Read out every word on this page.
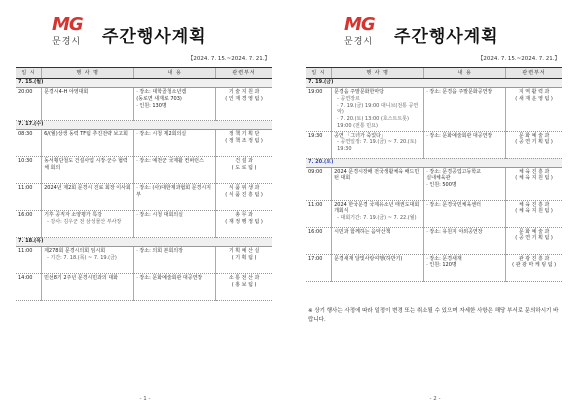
MG
문경시 주간행사계획
【2024. 7. 15.~2024. 7. 21.】
일 시	행 사 명	내 용	관련부서
7. 15.(월)			
20:00	문경시4-H 야영대회	· 장소: 대학골청소년캠
(동로면 새재로 703)
· 인원: 130명	기 술 지 원 과
( 인 재 경 영 팀 )

7. 17.(수)			
08:30	6/(월)상생 동력 TF팀 추진전략 보고회	· 장소: 시청 제2회의실	정 책 기 획 단
( 정 책 조 정 팀 )

10:30	동서횡단철도 건설사업 시장·군수 협력체 회의	· 장소: 예천군 국제활 컨퍼런스	건 설 과
( 도 로 팀 )

11:00	2024년 제2회 문경시 진료 회장 이사회	· 장소: (사)대한제과협회 문경시지부	식 품 위 생 과
( 식 품 진 흥 팀 )

16:00	기후 공직자 소양평가 특강
- 강사: 김우군 전 삼성물산 부사장	· 장소: 시청 대회의실	총 무 과
( 재 정 행 정 팀 )

7. 18.(목)			
11:00	제278회 문경시의회 임시회
- 기간: 7. 18.(목) ~ 7. 19.(금)	· 장소: 의회 본회의장	기 획 예 산 실
( 기 획 팀 )

14:00	민선8기 2주년 문경시민과의 대화	· 장소: 문화예술회관 대공연장	소 통 전 산 과
( 홍 보 팀 )
- 1 -
MG
문경시 주간행사계획
【2024. 7. 15.~2024. 7. 21.】
일 시	행 사 명	내 용	관련부서
7. 19.(금)			
19:00	문경읍 주말문화한마당
- 공연장르
· 7. 19.(금) 19:00 대니브(전통 공연악)
· 7. 20.(토) 13:00 (호스트트롯)
19:00 (전통 민요)	· 장소: 문경읍 주말문화공연장	지 역 활 력 과
( 새 재 운 영 팀 )

19:30	공연 「그녀가 죽었다」
- 공연일정: 7. 19.(금) ~ 7. 20.(토) 19:30	· 장소: 문화예술회관 대공연장	문 화 예 술 과
( 공 연 기 획 팀 )

7. 20.(토)			
09:00	2024 문경시장배 전국생활체육 배드민턴 대회	· 장소: 문경공업고등학교
실내체육관
· 인원: 500명	체 육 진 흥 과
( 체 육 지 원 팀 )

11:00	2024 한국문경 국제유소년 태권도대회 개회식
- 대회기간: 7. 19.(금) ~ 7. 22.(월)	· 장소: 문경국민체육센터	체 육 진 흥 과
( 체 육 지 원 팀 )

16:00	시민과 함께하는 음악산책	· 장소: 유원지 야외공연장	문 화 예 술 과
( 공 연 기 획 팀 )

17:00	문경새재 달빛사랑여행(하반기)	· 장소: 문경새재
· 인원: 120명	관 광 진 흥 과
( 관 광 마 케 팅 팀 )
- 2 -
※ 상기 행사는 사정에 따라 일정이 변경 또는 취소될 수 있으며 자세한 사항은 해당 부서로 문의하시기 바랍니다.
